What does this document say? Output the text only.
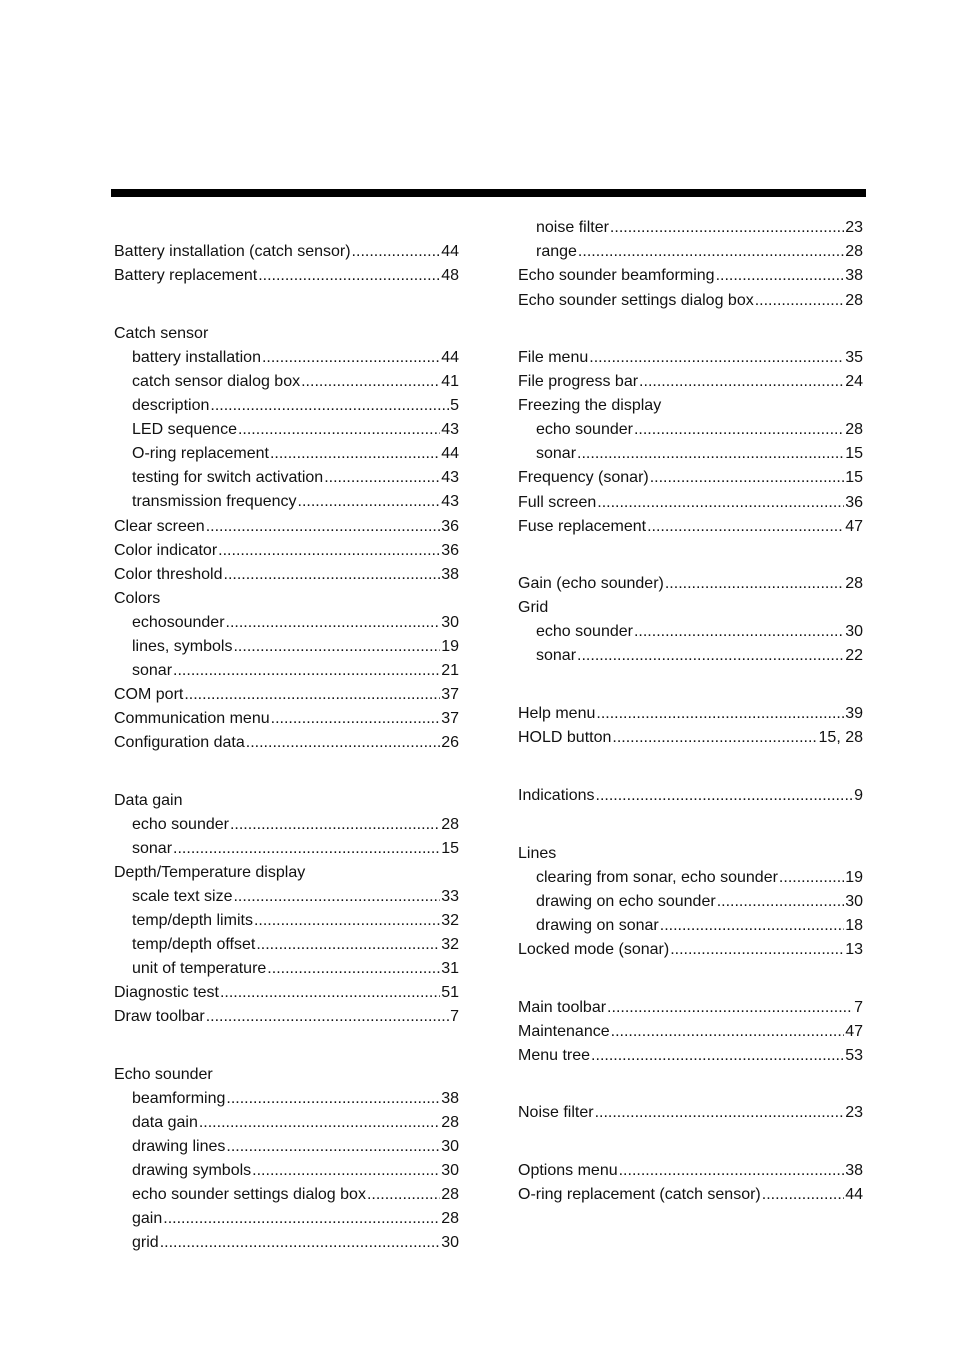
Battery installation (catch sensor) .....	44
Battery replacement .....	48
Catch sensor
battery installation .....	44
catch sensor dialog box .....	41
description .....	5
LED sequence .....	43
O-ring replacement .....	44
testing for switch activation .....	43
transmission frequency .....	43
Clear screen .....	36
Color indicator .....	36
Color threshold .....	38
Colors
echosounder .....	30
lines, symbols .....	19
sonar .....	21
COM port .....	37
Communication menu .....	37
Configuration data .....	26
Data gain
echo sounder .....	28
sonar .....	15
Depth/Temperature display
scale text size .....	33
temp/depth limits .....	32
temp/depth offset .....	32
unit of temperature .....	31
Diagnostic test .....	51
Draw toolbar .....	7
Echo sounder
beamforming .....	38
data gain .....	28
drawing lines .....	30
drawing symbols .....	30
echo sounder settings dialog box .....	28
gain .....	28
grid .....	30
noise filter .....	23
range .....	28
Echo sounder beamforming .....	38
Echo sounder settings dialog box .....	28
File menu .....	35
File progress bar .....	24
Freezing the display
echo sounder .....	28
sonar .....	15
Frequency (sonar) .....	15
Full screen .....	36
Fuse replacement .....	47
Gain (echo sounder) .....	28
Grid
echo sounder .....	30
sonar .....	22
Help menu .....	39
HOLD button .....	15, 28
Indications .....	9
Lines
clearing from sonar, echo sounder .....	19
drawing on echo sounder .....	30
drawing on sonar .....	18
Locked mode (sonar) .....	13
Main toolbar .....	7
Maintenance .....	47
Menu tree .....	53
Noise filter .....	23
Options menu .....	38
O-ring replacement (catch sensor) .....	44
